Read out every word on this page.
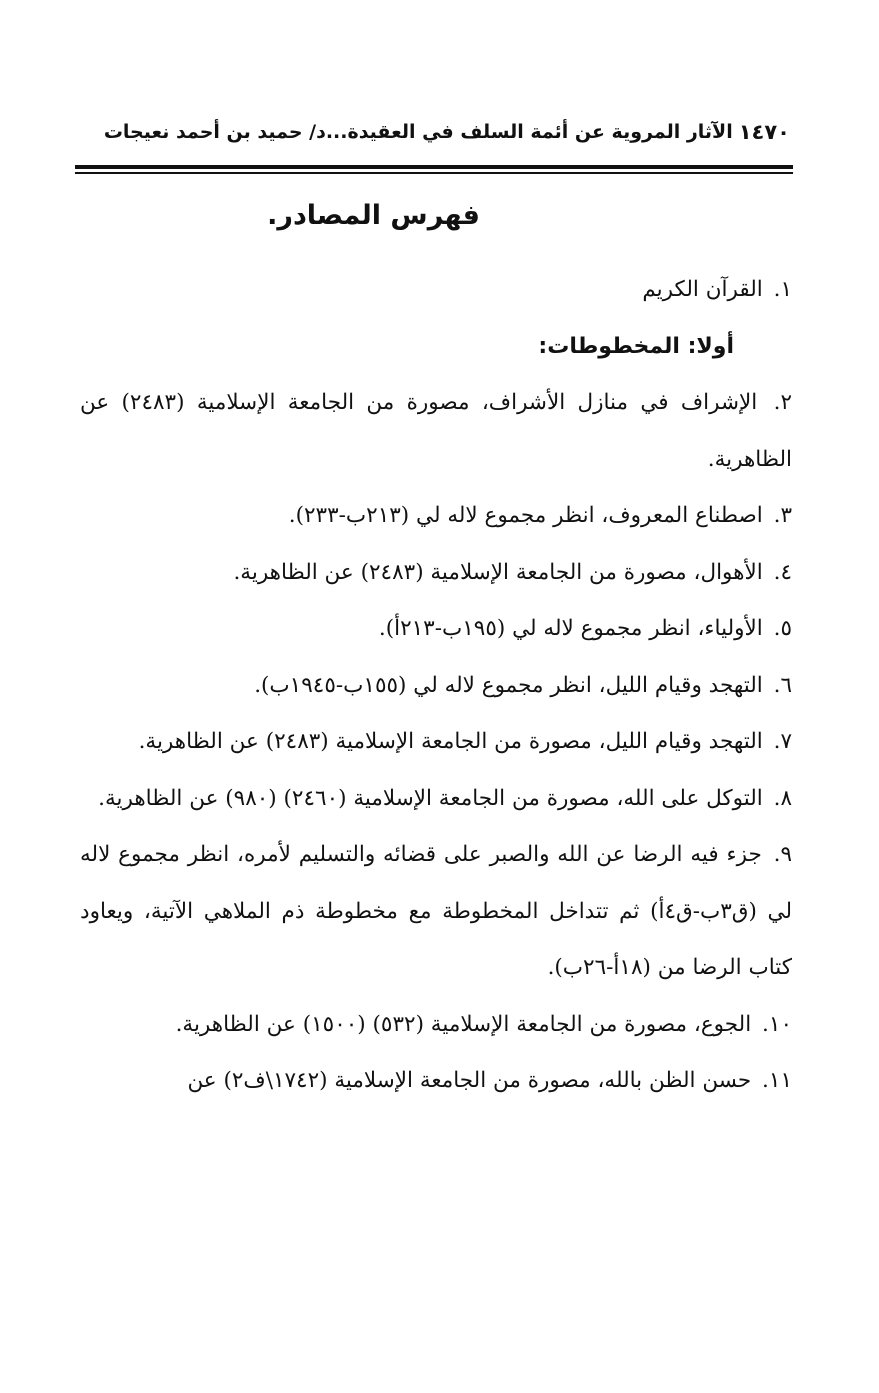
١٤٧٠
الآثار المروية عن أئمة السلف في العقيدة...د/ حميد بن أحمد نعيجات
فهرس المصادر.

١. القرآن الكريم

أولا: المخطوطات:

٢. الإشراف في منازل الأشراف، مصورة من الجامعة الإسلامية (٢٤٨٣) عن الظاهرية.

٣. اصطناع المعروف، انظر مجموع لاله لي (٢١٣ب-٢٣٣).

٤. الأهوال، مصورة من الجامعة الإسلامية (٢٤٨٣) عن الظاهرية.

٥. الأولياء، انظر مجموع لاله لي (١٩٥ب-٢١٣أ).

٦. التهجد وقيام الليل، انظر مجموع لاله لي (١٥٥ب-١٩٤٥ب).

٧. التهجد وقيام الليل، مصورة من الجامعة الإسلامية (٢٤٨٣) عن الظاهرية.

٨. التوكل على الله، مصورة من الجامعة الإسلامية (٢٤٦٠) (٩٨٠) عن الظاهرية.

٩. جزء فيه الرضا عن الله والصبر على قضائه والتسليم لأمره، انظر مجموع لاله لي (ق٣ب-ق٤أ) ثم تتداخل المخطوطة مع مخطوطة ذم الملاهي الآتية، ويعاود كتاب الرضا من (١٨أ-٢٦ب).

١٠. الجوع، مصورة من الجامعة الإسلامية (٥٣٢) (١٥٠٠) عن الظاهرية.

١١. حسن الظن بالله، مصورة من الجامعة الإسلامية (١٧٤٢\ف٢) عن
